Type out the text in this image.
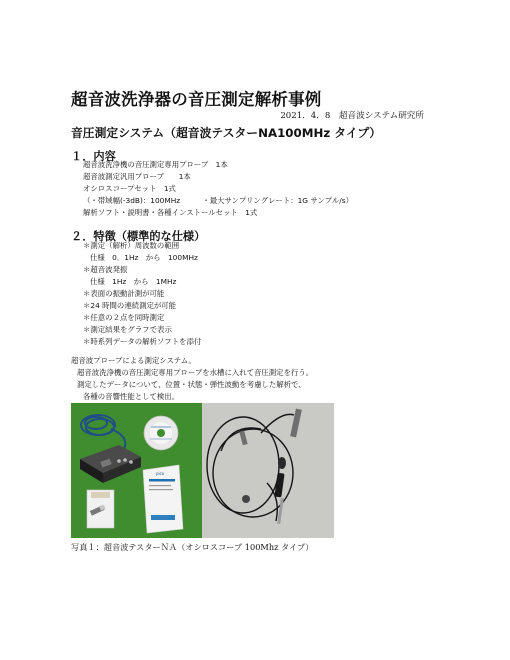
超音波洗浄器の音圧測定解析事例
2021．4．8　超音波システム研究所
音圧測定システム（超音波テスターNA100MHz タイプ）
１．内容
超音波洗浄機の音圧測定専用プローブ　1本
超音波測定汎用プローブ　　1本
オシロスコープセット　1式
（・帯域幅(-3dB)：100MHz　　　・最大サンプリングレート：1G サンプル/s）
解析ソフト・説明書・各種インストールセット　1式
２．特徴（標準的な仕様）
＊測定（解析）周波数の範囲
仕様　0．1Hz　から　100MHz
＊超音波発振
仕様　1Hz　から　1MHz
＊表面の振動計測が可能
＊24 時間の連続測定が可能
＊任意の２点を同時測定
＊測定結果をグラフで表示
＊時系列データの解析ソフトを添付
超音波プローブによる測定システム。
超音波洗浄機の音圧測定専用プローブを水槽に入れて音圧測定を行う。
測定したデータについて、位置・状態・弾性波動を考慮した解析で、
各種の音響性能として検出。
pico
写真１：超音波テスターＮＡ（オシロスコープ 100Mhz タイプ）
